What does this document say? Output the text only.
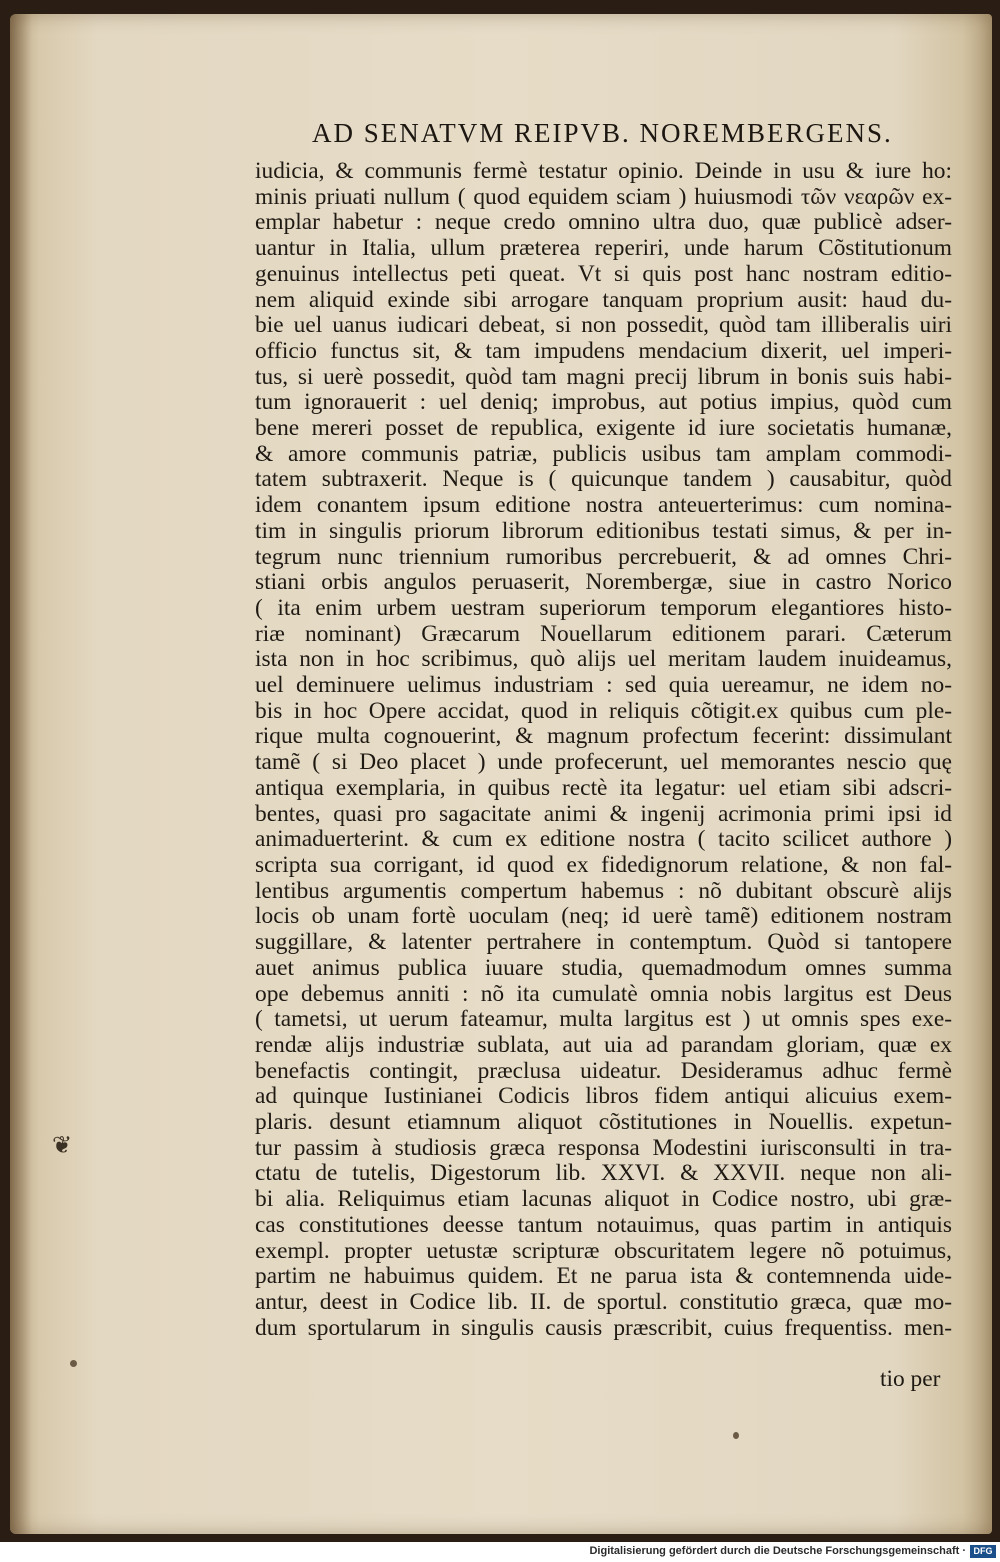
AD SENATVM REIPVB. NOREMBERGENS.
iudicia, & communis fermè testatur opinio. Deinde in usu & iure ho:
minis priuati nullum ( quod equidem sciam ) huiusmodi τῶν νεαρῶν ex-
emplar habetur : neque credo omnino ultra duo, quæ publicè adser-
uantur in Italia, ullum præterea reperiri, unde harum Cõstitutionum
genuinus intellectus peti queat. Vt si quis post hanc nostram editio-
nem aliquid exinde sibi arrogare tanquam proprium ausit: haud du-
bie uel uanus iudicari debeat, si non possedit, quòd tam illiberalis uiri
officio functus sit, & tam impudens mendacium dixerit, uel imperi-
tus, si uerè possedit, quòd tam magni precij librum in bonis suis habi-
tum ignorauerit : uel deniq; improbus, aut potius impius, quòd cum
bene mereri posset de republica, exigente id iure societatis humanæ,
& amore communis patriæ, publicis usibus tam amplam commodi-
tatem subtraxerit. Neque is ( quicunque tandem ) causabitur, quòd
idem conantem ipsum editione nostra anteuerterimus: cum nomina-
tim in singulis priorum librorum editionibus testati simus, & per in-
tegrum nunc triennium rumoribus percrebuerit, & ad omnes Chri-
stiani orbis angulos peruaserit, Norembergæ, siue in castro Norico
( ita enim urbem uestram superiorum temporum elegantiores histo-
riæ nominant) Græcarum Nouellarum editionem parari. Cæterum
ista non in hoc scribimus, quò alijs uel meritam laudem inuideamus,
uel deminuere uelimus industriam : sed quia uereamur, ne idem no-
bis in hoc Opere accidat, quod in reliquis cõtigit.ex quibus cum ple-
rique multa cognouerint, & magnum profectum fecerint: dissimulant
tamẽ ( si Deo placet ) unde profecerunt, uel memorantes nescio quę
antiqua exemplaria, in quibus rectè ita legatur: uel etiam sibi adscri-
bentes, quasi pro sagacitate animi & ingenij acrimonia primi ipsi id
animaduerterint. & cum ex editione nostra ( tacito scilicet authore )
scripta sua corrigant, id quod ex fidedignorum relatione, & non fal-
lentibus argumentis compertum habemus : nõ dubitant obscurè alijs
locis ob unam fortè uoculam (neq; id uerè tamẽ) editionem nostram
suggillare, & latenter pertrahere in contemptum. Quòd si tantopere
auet animus publica iuuare studia, quemadmodum omnes summa
ope debemus anniti : nõ ita cumulatè omnia nobis largitus est Deus
( tametsi, ut uerum fateamur, multa largitus est ) ut omnis spes exe-
rendæ alijs industriæ sublata, aut uia ad parandam gloriam, quæ ex
benefactis contingit, præclusa uideatur. Desideramus adhuc fermè
ad quinque Iustinianei Codicis libros fidem antiqui alicuius exem-
plaris. desunt etiamnum aliquot cõstitutiones in Nouellis. expetun-
tur passim à studiosis græca responsa Modestini iurisconsulti in tra-
ctatu de tutelis, Digestorum lib. XXVI. & XXVII. neque non ali-
bi alia. Reliquimus etiam lacunas aliquot in Codice nostro, ubi græ-
cas constitutiones deesse tantum notauimus, quas partim in antiquis
exempl. propter uetustæ scripturæ obscuritatem legere nõ potuimus,
partim ne habuimus quidem. Et ne parua ista & contemnenda uide-
antur, deest in Codice lib. II. de sportul. constitutio græca, quæ mo-
dum sportularum in singulis causis præscribit, cuius frequentiss. men-
tio per
❦
Digitalisierung gefördert durch die Deutsche Forschungsgemeinschaft · DFG
